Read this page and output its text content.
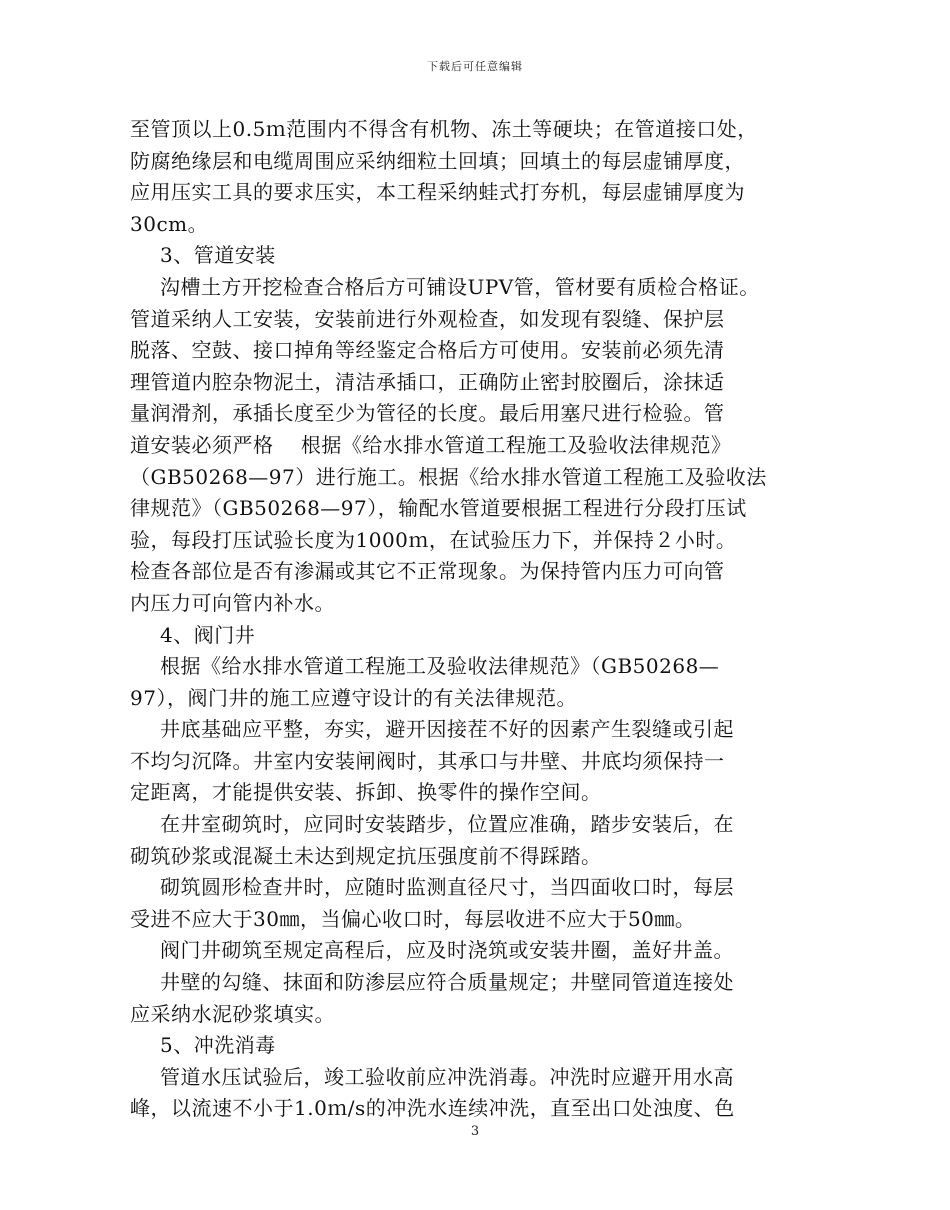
下载后可任意编辑
至管顶以上0.5ｍ范围内不得含有机物、冻土等硬块；在管道接口处，
防腐绝缘层和电缆周围应采纳细粒土回填；回填土的每层虚铺厚度，
应用压实工具的要求压实，本工程采纳蛙式打夯机，每层虚铺厚度为
30cm。
3、管道安装
沟槽土方开挖检查合格后方可铺设UPV管，管材要有质检合格证。
管道采纳人工安装，安装前进行外观检查，如发现有裂缝、保护层
脱落、空鼓、接口掉角等经鉴定合格后方可使用。安装前必须先清
理管道内腔杂物泥土，清洁承插口，正确防止密封胶圈后，涂抹适
量润滑剂，承插长度至少为管径的长度。最后用塞尺进行检验。管
道安装必须严格　 根据《给水排水管道工程施工及验收法律规范》
（GB50268—97）进行施工。根据《给水排水管道工程施工及验收法
律规范》（GB50268—97），输配水管道要根据工程进行分段打压试
验，每段打压试验长度为1000ｍ，在试验压力下，并保持２小时。
检查各部位是否有渗漏或其它不正常现象。为保持管内压力可向管
内压力可向管内补水。
4、阀门井
根据《给水排水管道工程施工及验收法律规范》（GB50268—
97），阀门井的施工应遵守设计的有关法律规范。
井底基础应平整，夯实，避开因接茬不好的因素产生裂缝或引起
不均匀沉降。井室内安装闸阀时，其承口与井壁、井底均须保持一
定距离，才能提供安装、拆卸、换零件的操作空间。
在井室砌筑时，应同时安装踏步，位置应准确，踏步安装后，在
砌筑砂浆或混凝土未达到规定抗压强度前不得踩踏。
砌筑圆形检查井时，应随时监测直径尺寸，当四面收口时，每层
受进不应大于30㎜，当偏心收口时，每层收进不应大于50㎜。
阀门井砌筑至规定高程后，应及时浇筑或安装井圈，盖好井盖。
井壁的勾缝、抹面和防渗层应符合质量规定；井壁同管道连接处
应采纳水泥砂浆填实。
5、冲洗消毒
管道水压试验后，竣工验收前应冲洗消毒。冲洗时应避开用水高
峰，以流速不小于1.0ｍ/s的冲洗水连续冲洗，直至出口处浊度、色
3
